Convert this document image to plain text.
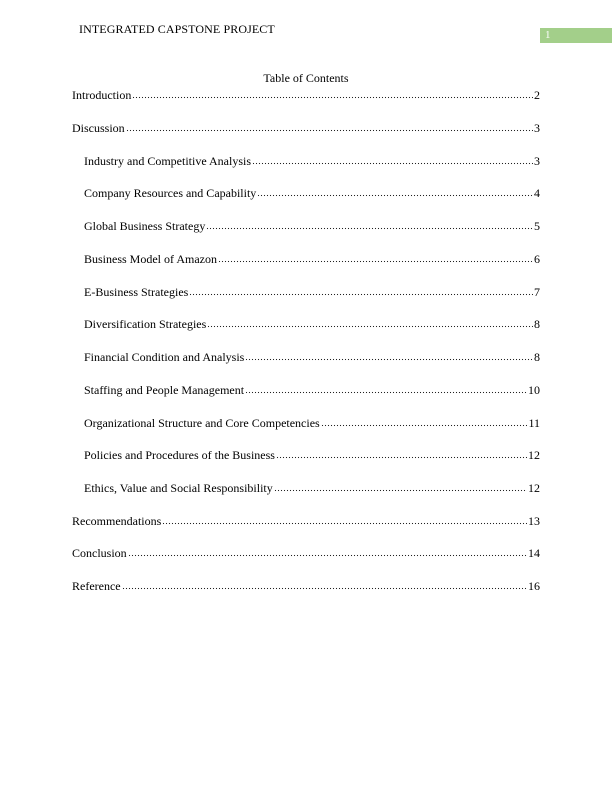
INTEGRATED CAPSTONE PROJECT	1
Table of Contents
Introduction	2
Discussion	3
Industry and Competitive Analysis	3
Company Resources and Capability	4
Global Business Strategy	5
Business Model of Amazon	6
E-Business Strategies	7
Diversification Strategies	8
Financial Condition and Analysis	8
Staffing and People Management	10
Organizational Structure and Core Competencies	11
Policies and Procedures of the Business	12
Ethics, Value and Social Responsibility	12
Recommendations	13
Conclusion	14
Reference	16
